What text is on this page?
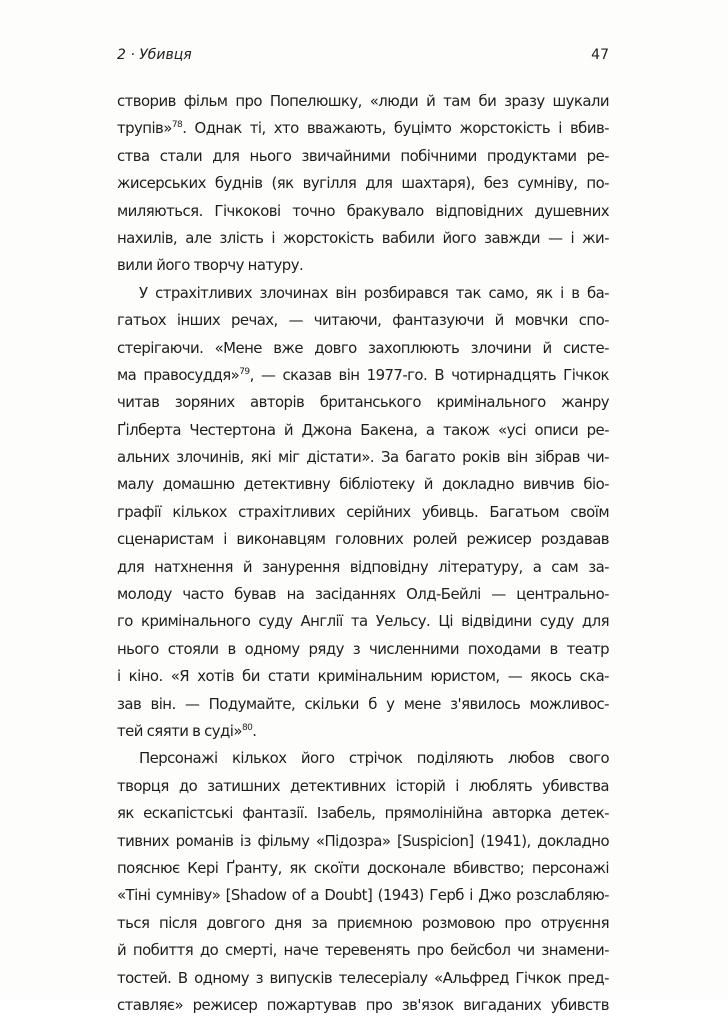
2 · Убивця	47
створив фільм про Попелюшку, «люди й там би зразу шукали
трупів»$^{78}$. Однак ті, хто вважають, буцімто жорстокість і вбив-
ства стали для нього звичайними побічними продуктами ре-
жисерських буднів (як вугілля для шахтаря), без сумніву, по-
миляються. Гічкокові точно бракувало відповідних душевних
нахилів, але злість і жорстокість вабили його завжди — і жи-
вили його творчу натуру.
У страхітливих злочинах він розбирався так само, як і в ба-
гатьох інших речах, — читаючи, фантазуючи й мовчки спо-
стерігаючи. «Мене вже довго захоплюють злочини й систе-
ма правосуддя»$^{79}$, — сказав він 1977-го. В чотирнадцять Гічкок
читав зоряних авторів британського кримінального жанру
Ґілберта Честертона й Джона Бакена, а також «усі описи ре-
альних злочинів, які міг дістати». За багато років він зібрав чи-
малу домашню детективну бібліотеку й докладно вивчив біо-
графії кількох страхітливих серійних убивць. Багатьом своїм
сценаристам і виконавцям головних ролей режисер роздавав
для натхнення й занурення відповідну літературу, а сам за-
молоду часто бував на засіданнях Олд-Бейлі — центрально-
го кримінального суду Англії та Уельсу. Ці відвідини суду для
нього стояли в одному ряду з численними походами в театр
і кіно. «Я хотів би стати кримінальним юристом, — якось ска-
зав він. — Подумайте, скільки б у мене з'явилось можливос-
тей сяяти в суді»$^{80}$.
Персонажі кількох його стрічок поділяють любов свого
творця до затишних детективних історій і люблять убивства
як ескапістські фантазії. Ізабель, прямолінійна авторка детек-
тивних романів із фільму «Підозра» [Suspicion] (1941), докладно
пояснює Кері Ґранту, як скоїти досконале вбивство; персонажі
«Тіні сумніву» [Shadow of a Doubt] (1943) Герб і Джо розслабляю-
ться після довгого дня за приємною розмовою про отруєння
й побиття до смерті, наче теревенять про бейсбол чи знамени-
тостей. В одному з випусків телесеріалу «Альфред Гічкок пред-
ставляє» режисер пожартував про зв'язок вигаданих убивств
